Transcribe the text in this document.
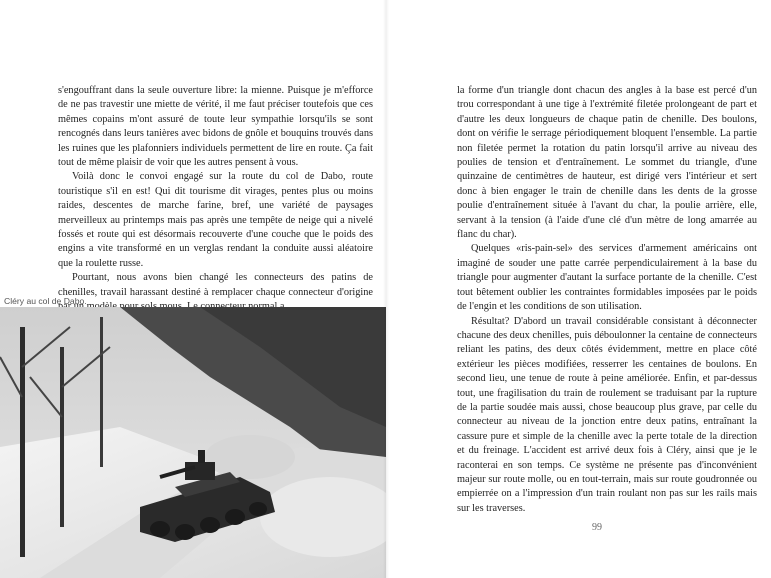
s'engouffrant dans la seule ouverture libre: la mienne. Puisque je m'efforce de ne pas travestir une miette de vérité, il me faut préciser toutefois que ces mêmes copains m'ont assuré de toute leur sympathie lorsqu'ils se sont rencognés dans leurs tanières avec bidons de gnôle et bouquins trouvés dans les ruines que les plafonniers individuels permettent de lire en route. Ça fait tout de même plaisir de voir que les autres pensent à vous.

Voilà donc le convoi engagé sur la route du col de Dabo, route touristique s'il en est! Qui dit tourisme dit virages, pentes plus ou moins raides, descentes de marche farine, bref, une variété de paysages merveilleux au printemps mais pas après une tempête de neige qui a nivelé fossés et route qui est désormais recouverte d'une couche que le poids des engins a vite transformé en un verglas rendant la conduite aussi aléatoire que la roulette russe.

Pourtant, nous avons bien changé les connecteurs des patins de chenilles, travail harassant destiné à remplacer chaque connecteur d'origine

Cléry au col de Dabo.

la forme d'un triangle dont chacun des angles à la base est percé d'un trou correspondant à une tige à l'extrémité filetée prolongeant de part et d'autre les deux longueurs de chaque patin de chenille. Des boulons, dont on vérifie le serrage périodiquement bloquent l'ensemble. La partie non filetée permet la rotation du patin lorsqu'il arrive au niveau des poulies de tension et d'entraînement. Le sommet du triangle, d'une quinzaine de centimètres de hauteur, est dirigé vers l'intérieur et sert donc à bien engager le train de chenille dans les dents de la grosse poulie d'entraînement située à l'avant du char, la poulie arrière, elle, servant à la tension (à l'aide d'une clé d'un mètre de long amarrée au flanc du char).

Quelques «ris-pain-sel» des services d'armement américains ont imaginé de souder une patte carrée perpendiculairement à la base du triangle pour augmenter d'autant la surface portante de la chenille. C'est tout bêtement oublier les contraintes formidables imposées par le poids de l'engin et les conditions de son utilisation.

Résultat? D'abord un travail considérable consistant à déconnecter chacune des deux chenilles, puis déboulonner la centaine de connecteurs reliant les patins, des deux côtés évidemment, mettre en place côté extérieur les pièces modifiées, resserrer les centaines de boulons. En second lieu, une tenue de route à peine améliorée. Enfin, et par-dessus tout, une fragilisation du train de roulement se traduisant par la rupture de la partie soudée mais aussi, chose beaucoup plus grave, par celle du connecteur au niveau de la jonction entre deux patins, entraînant la cassure pure et simple de la chenille avec la perte totale de la direction et du freinage. L'accident est arrivé deux fois à Cléry, ainsi que je le raconterai en son temps. Ce système ne présente pas d'inconvénient majeur sur route molle, ou en tout-terrain, mais sur route goudronnée ou empierrée on a l'impression d'un train roulant non pas sur les rails mais sur les traverses.

99
